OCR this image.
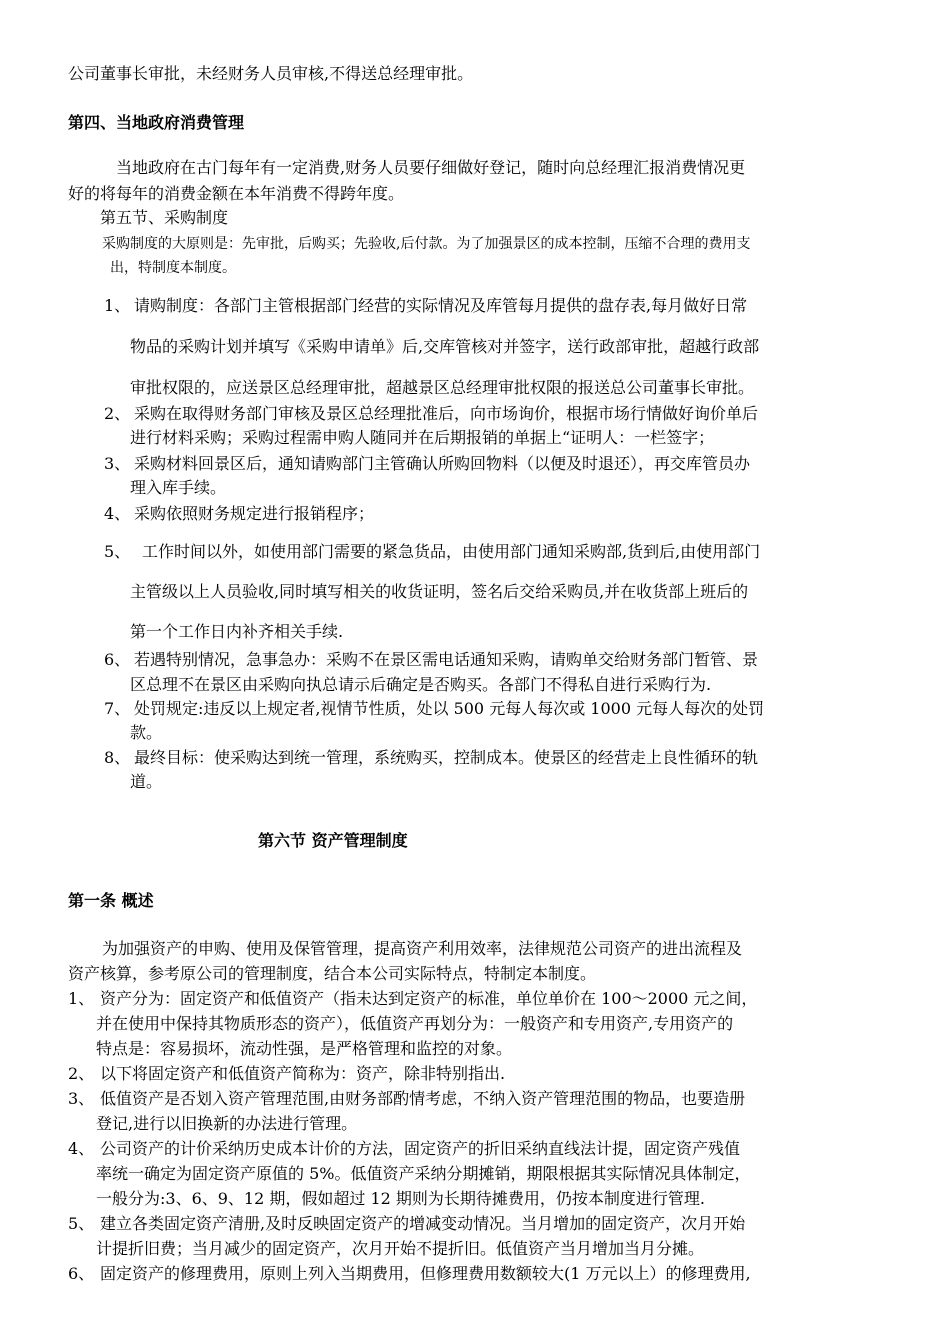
公司董事长审批，未经财务人员审核,不得送总经理审批。
第四、当地政府消费管理
当地政府在古门每年有一定消费,财务人员要仔细做好登记，随时向总经理汇报消费情况更
好的将每年的消费金额在本年消费不得跨年度。
第五节、采购制度
采购制度的大原则是：先审批，后购买；先验收,后付款。为了加强景区的成本控制，压缩不合理的费用支
出，特制度本制度。
1、 请购制度：各部门主管根据部门经营的实际情况及库管每月提供的盘存表,每月做好日常
物品的采购计划并填写《采购申请单》后,交库管核对并签字，送行政部审批，超越行政部
审批权限的，应送景区总经理审批，超越景区总经理审批权限的报送总公司董事长审批。
2、 采购在取得财务部门审核及景区总经理批准后，向市场询价，根据市场行情做好询价单后
进行材料采购；采购过程需申购人随同并在后期报销的单据上“证明人：一栏签字；
3、 采购材料回景区后，通知请购部门主管确认所购回物料（以便及时退还），再交库管员办
理入库手续。
4、 采购依照财务规定进行报销程序；
5、 工作时间以外，如使用部门需要的紧急货品，由使用部门通知采购部,货到后,由使用部门
主管级以上人员验收,同时填写相关的收货证明，签名后交给采购员,并在收货部上班后的
第一个工作日内补齐相关手续.
6、 若遇特别情况，急事急办：采购不在景区需电话通知采购，请购单交给财务部门暂管、景
区总理不在景区由采购向执总请示后确定是否购买。各部门不得私自进行采购行为.
7、 处罚规定:违反以上规定者,视情节性质，处以 500 元每人每次或 1000 元每人每次的处罚
款。
8、 最终目标：使采购达到统一管理，系统购买，控制成本。使景区的经营走上良性循环的轨
道。
第六节 资产管理制度
第一条 概述
为加强资产的申购、使用及保管管理，提高资产利用效率，法律规范公司资产的进出流程及
资产核算，参考原公司的管理制度，结合本公司实际特点，特制定本制度。
1、 资产分为：固定资产和低值资产（指未达到定资产的标准，单位单价在 100～2000 元之间，
并在使用中保持其物质形态的资产），低值资产再划分为：一般资产和专用资产,专用资产的
特点是：容易损坏，流动性强，是严格管理和监控的对象。
2、 以下将固定资产和低值资产简称为：资产，除非特别指出.
3、 低值资产是否划入资产管理范围,由财务部酌情考虑，不纳入资产管理范围的物品，也要造册
登记,进行以旧换新的办法进行管理。
4、 公司资产的计价采纳历史成本计价的方法，固定资产的折旧采纳直线法计提，固定资产残值
率统一确定为固定资产原值的 5%。低值资产采纳分期摊销，期限根据其实际情况具体制定，
一般分为:3、6、9、12 期，假如超过 12 期则为长期待摊费用，仍按本制度进行管理.
5、 建立各类固定资产清册,及时反映固定资产的增减变动情况。当月增加的固定资产，次月开始
计提折旧费；当月减少的固定资产，次月开始不提折旧。低值资产当月增加当月分摊。
6、 固定资产的修理费用，原则上列入当期费用，但修理费用数额较大(1 万元以上）的修理费用,
